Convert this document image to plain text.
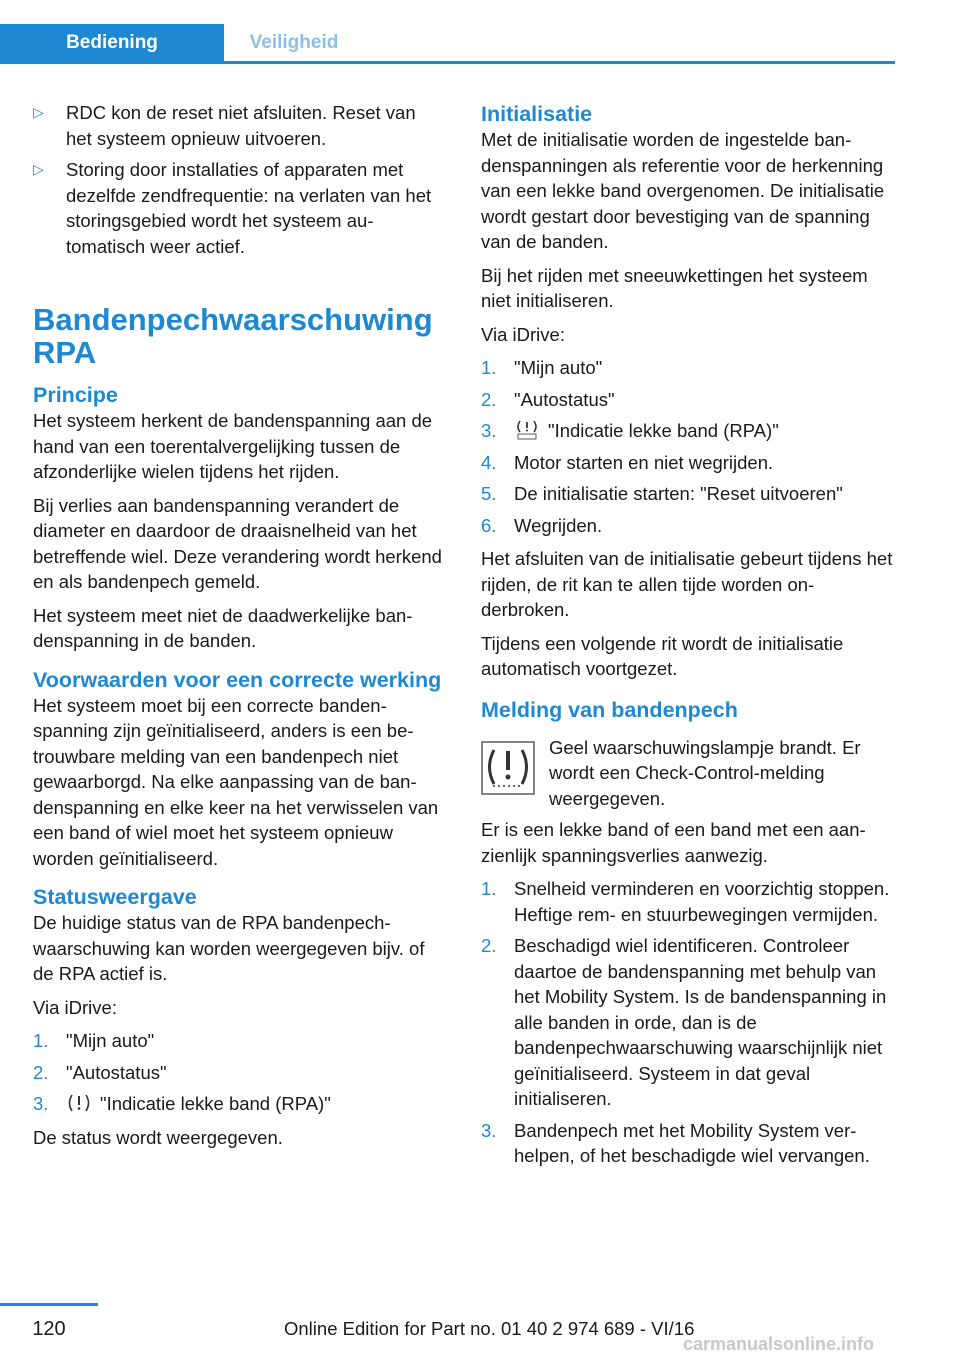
Bediening	Veiligheid
▷ RDC kon de reset niet afsluiten. Reset van het systeem opnieuw uitvoeren.
▷ Storing door installaties of apparaten met dezelfde zendfrequentie: na verlaten van het storingsgebied wordt het systeem automatisch weer actief.
Bandenpechwaarschuwing RPA
Principe

Het systeem herkent de bandenspanning aan de hand van een toerentalvergelijking tussen de afzonderlijke wielen tijdens het rijden.

Bij verlies aan bandenspanning verandert de diameter en daardoor de draaisnelheid van het betreffende wiel. Deze verandering wordt herkend en als bandenpech gemeld.

Het systeem meet niet de daadwerkelijke bandenspanning in de banden.

Voorwaarden voor een correcte werking

Het systeem moet bij een correcte bandenspanning zijn geïnitialiseerd, anders is een betrouwbare melding van een bandenpech niet gewaarborgd. Na elke aanpassing van de bandenspanning en elke keer na het verwisselen van een band of wiel moet het systeem opnieuw worden geïnitialiseerd.

Statusweergave

De huidige status van de RPA bandenpechwaarschuwing kan worden weergegeven bijv. of de RPA actief is.

Via iDrive:

1. "Mijn auto"
2. "Autostatus"
3.	"Indicatie lekke band (RPA)"

De status wordt weergegeven.

Initialisatie

Met de initialisatie worden de ingestelde bandenspanningen als referentie voor de herkenning van een lekke band overgenomen. De initialisatie wordt gestart door bevestiging van de spanning van de banden.

Bij het rijden met sneeuwkettingen het systeem niet initialiseren.

Via iDrive:

1. "Mijn auto"
2. "Autostatus"
3.	"Indicatie lekke band (RPA)"
4. Motor starten en niet wegrijden.
5. De initialisatie starten: "Reset uitvoeren"
6. Wegrijden.

Het afsluiten van de initialisatie gebeurt tijdens het rijden, de rit kan te allen tijde worden onderbroken.

Tijdens een volgende rit wordt de initialisatie automatisch voortgezet.

Melding van bandenpech

Geel waarschuwingslampje brandt. Er wordt een Check-Control-melding weergegeven.

Er is een lekke band of een band met een aanzienlijk spanningsverlies aanwezig.

1. Snelheid verminderen en voorzichtig stoppen. Heftige rem- en stuurbewegingen vermijden.
2. Beschadigd wiel identificeren. Controleer daartoe de bandenspanning met behulp van het Mobility System. Is de bandenspanning in alle banden in orde, dan is de bandenpechwaarschuwing waarschijnlijk niet geïnitialiseerd. Systeem in dat geval initialiseren.
3. Bandenpech met het Mobility System verhelpen, of het beschadigde wiel vervangen.
120	Online Edition for Part no. 01 40 2 974 689 - VI/16
carmanualsonline.info
